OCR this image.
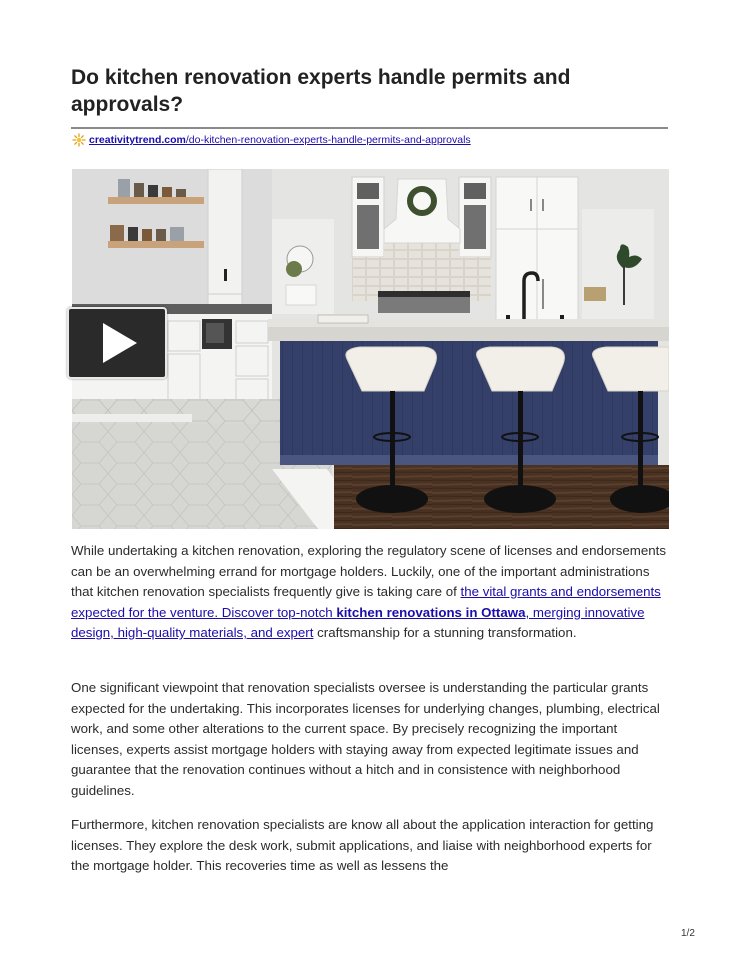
Do kitchen renovation experts handle permits and approvals?
creativitytrend.com/do-kitchen-renovation-experts-handle-permits-and-approvals

While undertaking a kitchen renovation, exploring the regulatory scene of licenses and endorsements can be an overwhelming errand for mortgage holders. Luckily, one of the important administrations that kitchen renovation specialists frequently give is taking care of the vital grants and endorsements expected for the venture. Discover top-notch kitchen renovations in Ottawa, merging innovative design, high-quality materials, and expert craftsmanship for a stunning transformation.

One significant viewpoint that renovation specialists oversee is understanding the particular grants expected for the undertaking. This incorporates licenses for underlying changes, plumbing, electrical work, and some other alterations to the current space. By precisely recognizing the important licenses, experts assist mortgage holders with staying away from expected legitimate issues and guarantee that the renovation continues without a hitch and in consistence with neighborhood guidelines.

Furthermore, kitchen renovation specialists are know all about the application interaction for getting licenses. They explore the desk work, submit applications, and liaise with neighborhood experts for the mortgage holder. This recoveries time as well as lessens the

1/2
